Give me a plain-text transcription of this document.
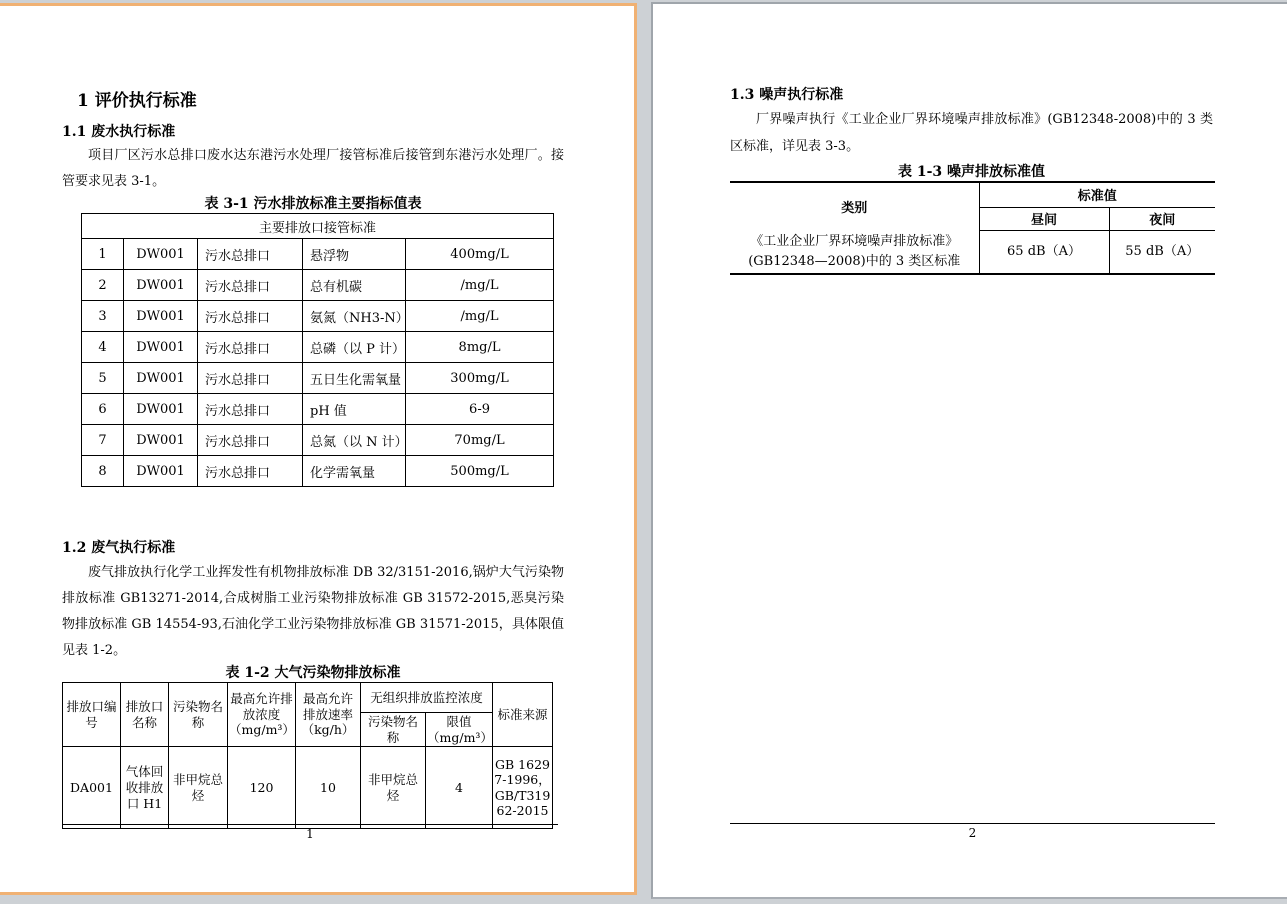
1 评价执行标准
1.1 废水执行标准
项目厂区污水总排口废水达东港污水处理厂接管标准后接管到东港污水处理厂。接管要求见表 3-1。
表 3-1 污水排放标准主要指标值表
主要排放口接管标准				
1	DW001	污水总排口	悬浮物	400mg/L
2	DW001	污水总排口	总有机碳	/mg/L
3	DW001	污水总排口	氨氮（NH3-N）	/mg/L
4	DW001	污水总排口	总磷（以 P 计）	8mg/L
5	DW001	污水总排口	五日生化需氧量	300mg/L
6	DW001	污水总排口	pH 值	6-9
7	DW001	污水总排口	总氮（以 N 计）	70mg/L
8	DW001	污水总排口	化学需氧量	500mg/L
1.2 废气执行标准
废气排放执行化学工业挥发性有机物排放标准 DB 32/3151-2016,锅炉大气污染物排放标准 GB13271-2014,合成树脂工业污染物排放标准 GB 31572-2015,恶臭污染物排放标准 GB 14554-93,石油化学工业污染物排放标准 GB 31571-2015，具体限值见表 1-2。
表 1-2 大气污染物排放标准
排放口编号	排放口名称	污染物名称	最高允许排放浓度（mg/m³）	最高允许排放速率（kg/h）	无组织排放监控浓度		标准来源
					污染物名称	限值（mg/m³）	
DA001	气体回收排放口 H1	非甲烷总烃	120	10	非甲烷总烃	4	GB 16297-1996，GB/T31962-2015
1
1.3 噪声执行标准
厂界噪声执行《工业企业厂界环境噪声排放标准》(GB12348-2008)中的 3 类区标准，详见表 3-3。
表 1-3 噪声排放标准值
类别	标准值	
	昼间	夜间
《工业企业厂界环境噪声排放标准》 (GB12348—2008)中的 3 类区标准	65 dB（A）	55 dB（A）
2
